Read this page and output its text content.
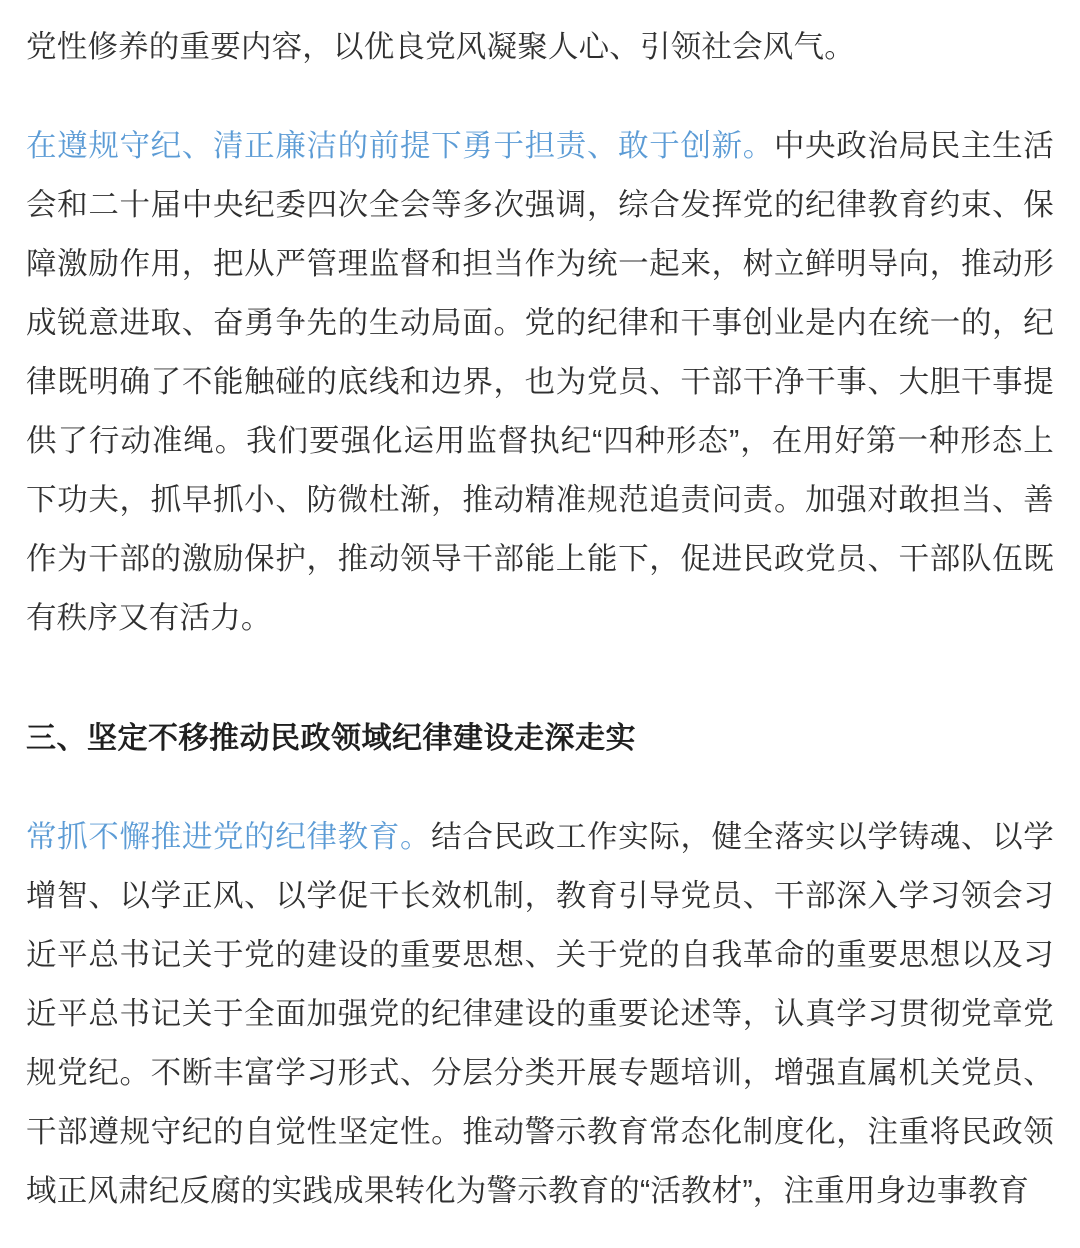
党性修养的重要内容，以优良党风凝聚人心、引领社会风气。

在遵规守纪、清正廉洁的前提下勇于担责、敢于创新。中央政治局民主生活会和二十届中央纪委四次全会等多次强调，综合发挥党的纪律教育约束、保障激励作用，把从严管理监督和担当作为统一起来，树立鲜明导向，推动形成锐意进取、奋勇争先的生动局面。党的纪律和干事创业是内在统一的，纪律既明确了不能触碰的底线和边界，也为党员、干部干净干事、大胆干事提供了行动准绳。我们要强化运用监督执纪“四种形态”，在用好第一种形态上下功夫，抓早抓小、防微杜渐，推动精准规范追责问责。加强对敢担当、善作为干部的激励保护，推动领导干部能上能下，促进民政党员、干部队伍既有秩序又有活力。

三、坚定不移推动民政领域纪律建设走深走实

常抓不懈推进党的纪律教育。结合民政工作实际，健全落实以学铸魂、以学增智、以学正风、以学促干长效机制，教育引导党员、干部深入学习领会习近平总书记关于党的建设的重要思想、关于党的自我革命的重要思想以及习近平总书记关于全面加强党的纪律建设的重要论述等，认真学习贯彻党章党规党纪。不断丰富学习形式、分层分类开展专题培训，增强直属机关党员、干部遵规守纪的自觉性坚定性。推动警示教育常态化制度化，注重将民政领域正风肃纪反腐的实践成果转化为警示教育的“活教材”，注重用身边事教育
